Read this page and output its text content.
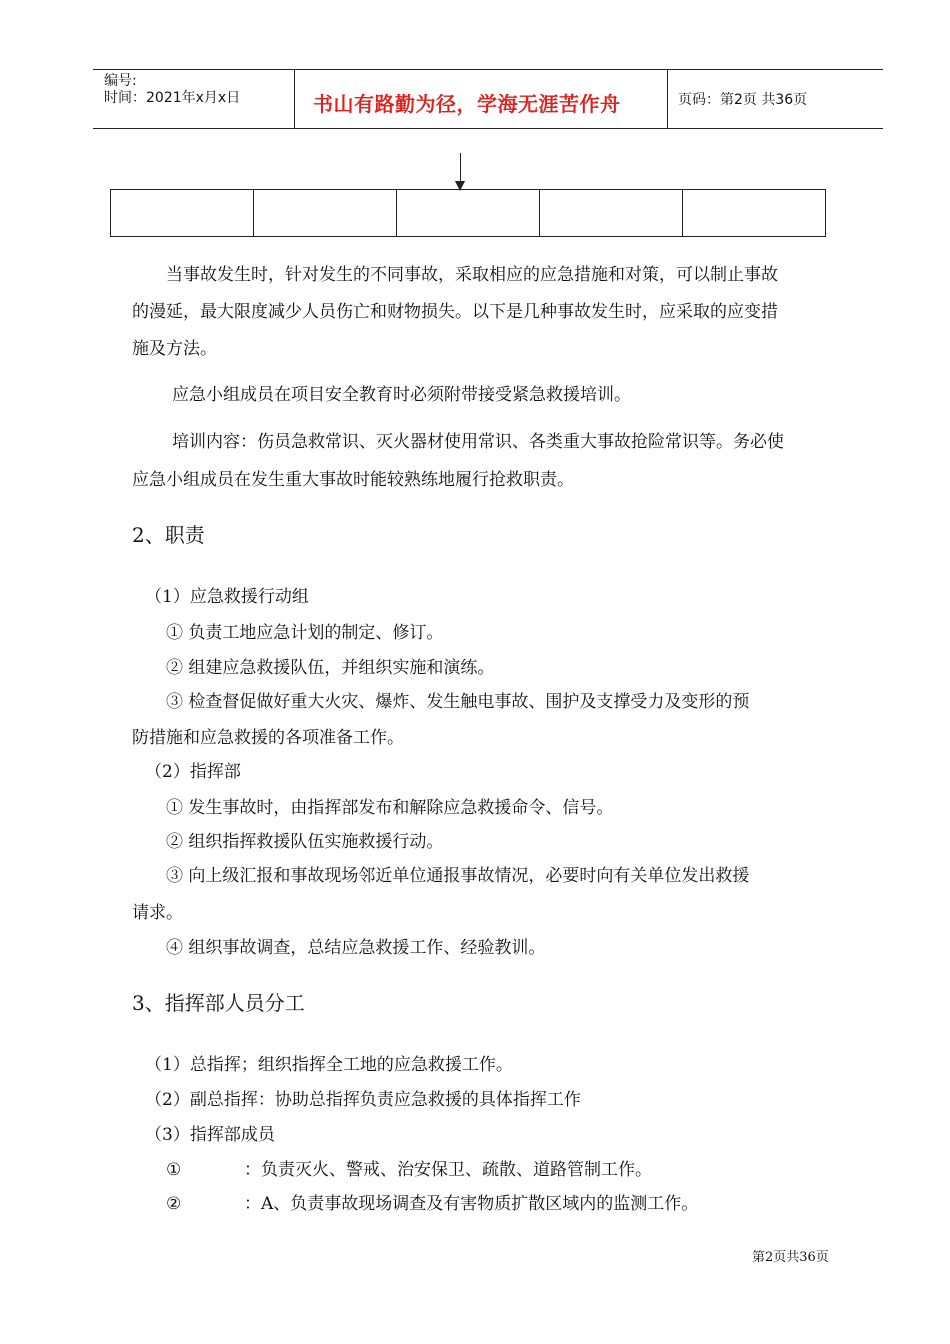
编号:
时间：2021年x月x日	书山有路勤为径，学海无涯苦作舟	页码：第2页 共36页
当事故发生时，针对发生的不同事故，采取相应的应急措施和对策，可以制止事故
的漫延，最大限度减少人员伤亡和财物损失。以下是几种事故发生时，应采取的应变措
施及方法。
应急小组成员在项目安全教育时必须附带接受紧急救援培训。
培训内容：伤员急救常识、灭火器材使用常识、各类重大事故抢险常识等。务必使
应急小组成员在发生重大事故时能较熟练地履行抢救职责。
2、职责
（1）应急救援行动组
① 负责工地应急计划的制定、修订。
② 组建应急救援队伍，并组织实施和演练。
③ 检查督促做好重大火灾、爆炸、发生触电事故、围护及支撑受力及变形的预
防措施和应急救援的各项准备工作。
（2）指挥部
① 发生事故时，由指挥部发布和解除应急救援命令、信号。
② 组织指挥救援队伍实施救援行动。
③ 向上级汇报和事故现场邻近单位通报事故情况，必要时向有关单位发出救援
请求。
④ 组织事故调查，总结应急救援工作、经验教训。
3、指挥部人员分工
（1）总指挥；组织指挥全工地的应急救援工作。
（2）副总指挥：协助总指挥负责应急救援的具体指挥工作
（3）指挥部成员
①	：负责灭火、警戒、治安保卫、疏散、道路管制工作。
②	：A、负责事故现场调查及有害物质扩散区域内的监测工作。
第2页共36页
